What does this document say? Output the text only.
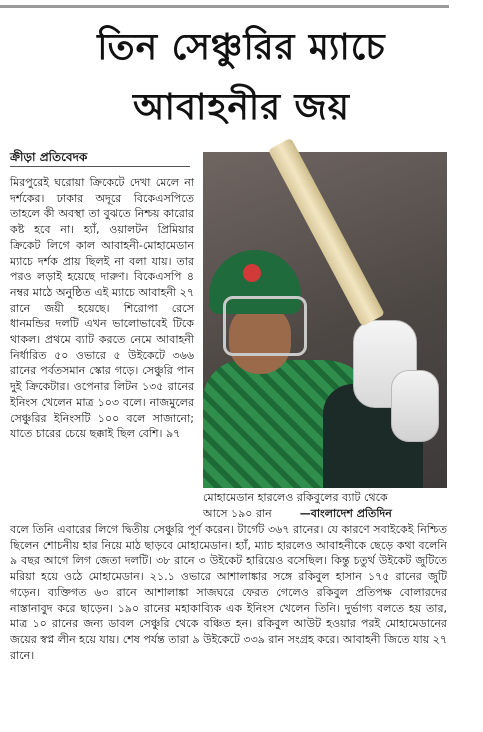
তিন সেঞ্চুরির ম্যাচে
আবাহনীর জয়
ক্রীড়া প্রতিবেদক

মিরপুরেই ঘরোয়া ক্রিকেটে দেখা মেলে না দর্শকের। ঢাকার অদূরে বিকেএসপিতে তাহলে কী অবস্থা তা বুঝতে নিশ্চয় কারোর কষ্ট হবে না। হ্যাঁ, ওয়ালটন প্রিমিয়ার ক্রিকেট লিগে কাল আবাহনী-মোহামেডান ম্যাচে দর্শক প্রায় ছিলই না বলা যায়। তার পরও লড়াই হয়েছে দারুণ। বিকেএসপি ৪ নম্বর মাঠে অনুষ্ঠিত এই ম্যাচে আবাহনী ২৭ রানে জয়ী হয়েছে। শিরোপা রেসে ধানমন্ডির দলটি এখন ভালোভাবেই টিকে থাকল। প্রথমে ব্যাট করতে নেমে আবাহনী নির্ধারিত ৫০ ওভারে ৫ উইকেটে ৩৬৬ রানের পর্বতসমান স্কোর গড়ে। সেঞ্চুরি পান দুই ক্রিকেটার। ওপেনার লিটন ১৩৫ রানের ইনিংস খেলেন মাত্র ১০৩ বলে। নাজমুলের সেঞ্চুরির ইনিংসটি ১০০ বলে সাজানো; যাতে চারের চেয়ে ছক্কাই ছিল বেশি। ৯৭

মোহামেডান হারলেও রকিবুলের ব্যাট থেকে
আসে ১৯০ রান	—বাংলাদেশ প্রতিদিন
বলে তিনি এবারের লিগে দ্বিতীয় সেঞ্চুরি পূর্ণ করেন। টার্গেট ৩৬৭ রানের। যে কারণে সবাইকেই নিশ্চিত ছিলেন শোচনীয় হার নিয়ে মাঠ ছাড়বে মোহামেডান। হ্যাঁ, ম্যাচ হারলেও আবাহনীকে ছেড়ে কথা বলেনি ৯ বছর আগে লিগ জেতা দলটি। ৩৮ রানে ৩ উইকেট হারিয়েও বসেছিল। কিন্তু চতুর্থ উইকেট জুটিতে মরিয়া হয়ে ওঠে মোহামেডান। ২১.১ ওভারে আশালাঙ্কার সঙ্গে রকিবুল হাসান ১৭৫ রানের জুটি গড়েন। ব্যক্তিগত ৬৩ রানে আশালাঙ্কা সাজঘরে ফেরত গেলেও রকিবুল প্রতিপক্ষ বোলারদের নাস্তানাবুদ করে ছাড়েন। ১৯০ রানের মহাকাব্যিক এক ইনিংস খেলেন তিনি। দুর্ভাগ্য বলতে হয় তার, মাত্র ১০ রানের জন্য ডাবল সেঞ্চুরি থেকে বঞ্চিত হন। রকিবুল আউট হওয়ার পরই মোহামেডানের জয়ের স্বপ্ন লীন হয়ে যায়। শেষ পর্যন্ত তারা ৯ উইকেটে ৩৩৯ রান সংগ্রহ করে। আবাহনী জিতে যায় ২৭ রানে।
